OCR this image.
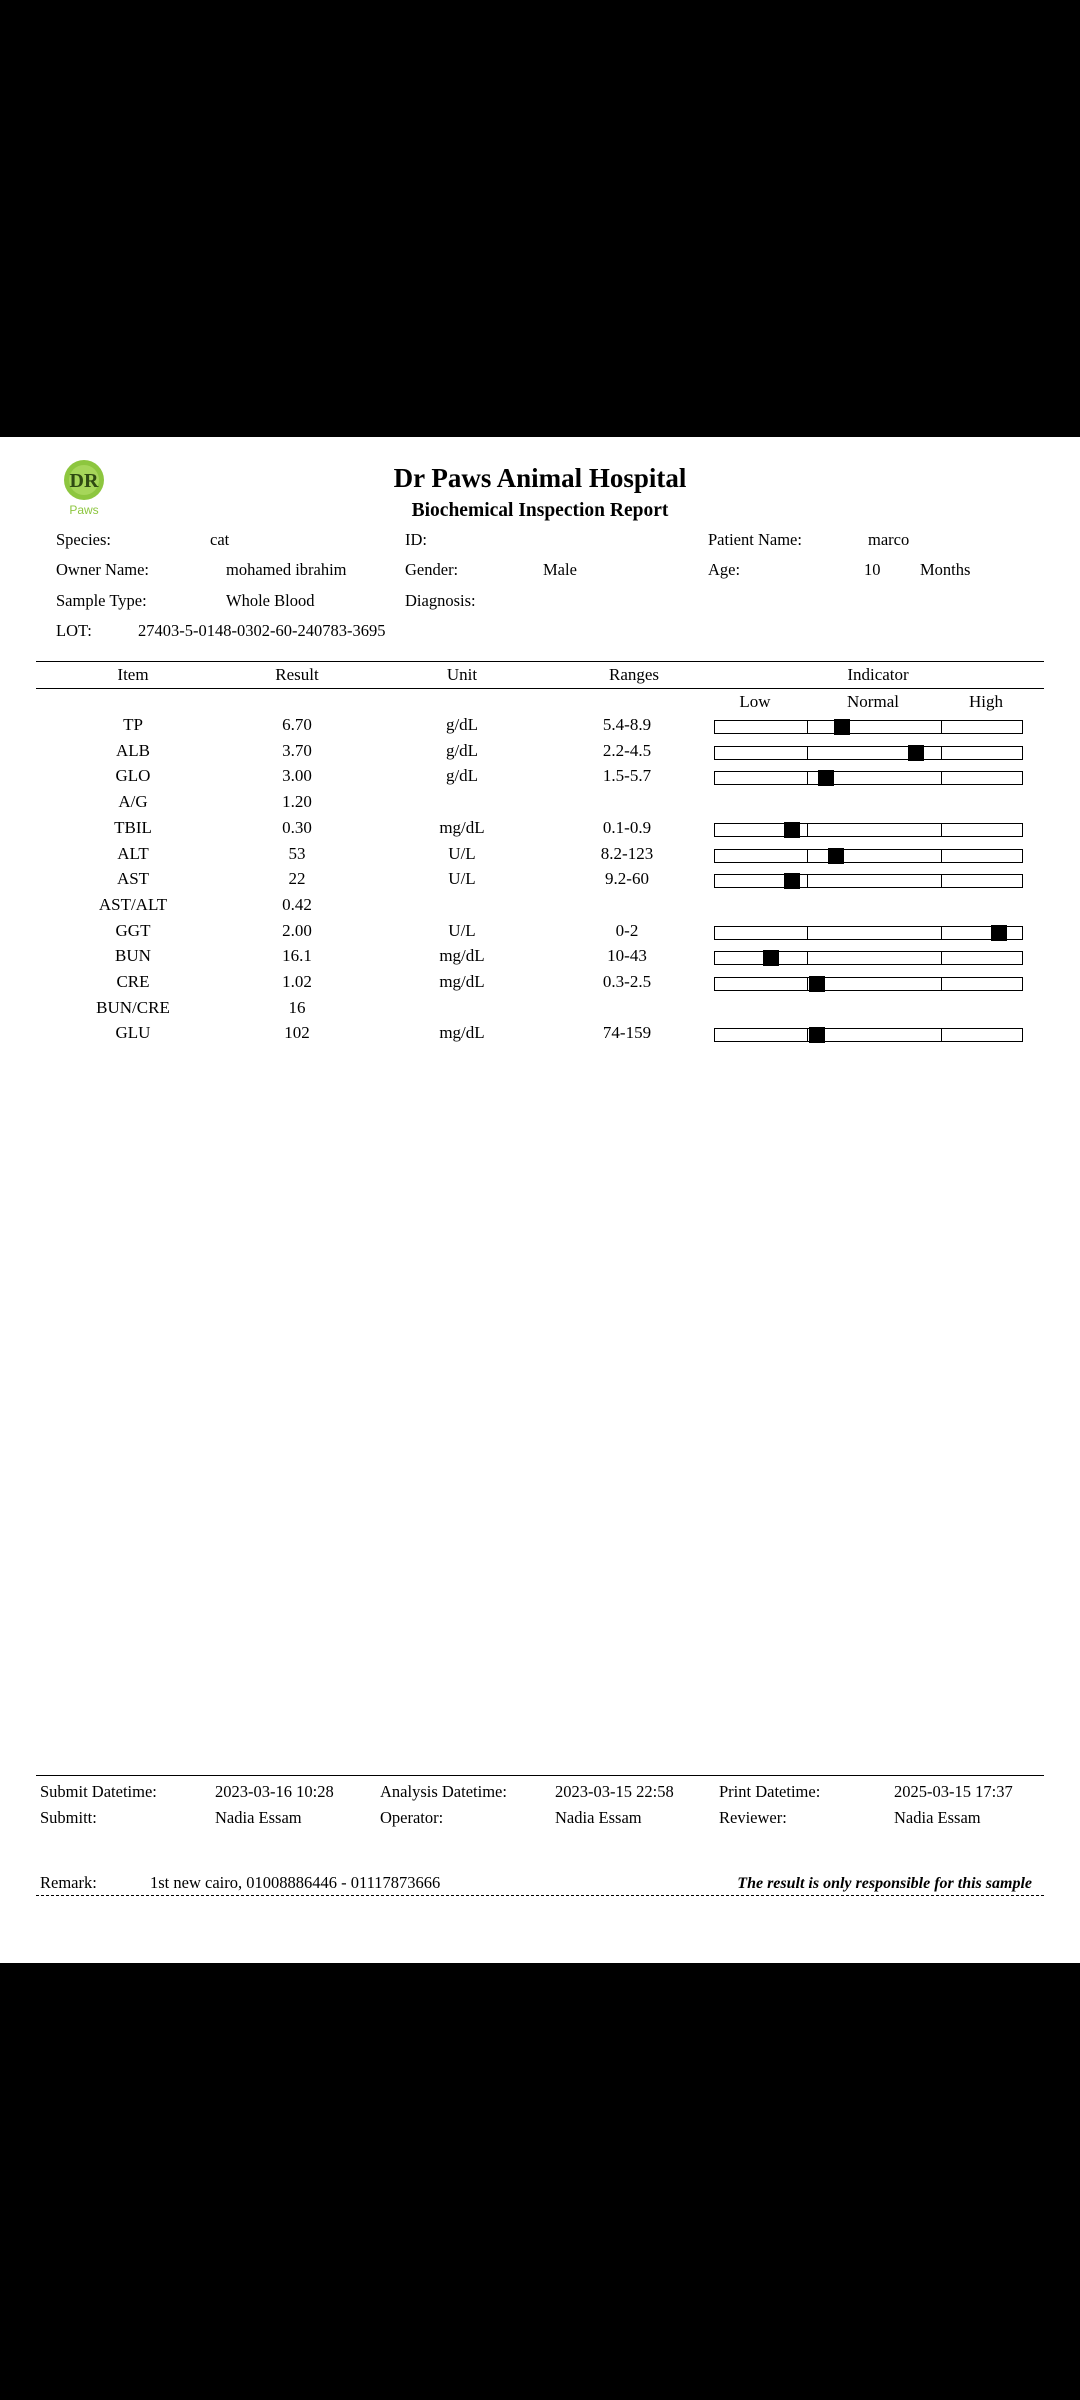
DR
Paws
Dr Paws Animal Hospital
Biochemical Inspection Report
Species:	cat	ID:	Patient Name:	marco
Owner Name:	mohamed ibrahim	Gender:	Male	Age:	10 Months
Sample Type:	Whole Blood	Diagnosis:
LOT:	27403-5-0148-0302-60-240783-3695
Item	Result	Unit	Ranges	Indicator
Low	Normal	High
TP	6.70	g/dL	5.4-8.9
ALB	3.70	g/dL	2.2-4.5
GLO	3.00	g/dL	1.5-5.7
A/G	1.20
TBIL	0.30	mg/dL	0.1-0.9
ALT	53	U/L	8.2-123
AST	22	U/L	9.2-60
AST/ALT	0.42
GGT	2.00	U/L	0-2
BUN	16.1	mg/dL	10-43
CRE	1.02	mg/dL	0.3-2.5
BUN/CRE	16
GLU	102	mg/dL	74-159
Submit Datetime:	2023-03-16 10:28	Analysis Datetime:	2023-03-15 22:58	Print Datetime:	2025-03-15 17:37
Submitt:	Nadia Essam	Operator:	Nadia Essam	Reviewer:	Nadia Essam
Remark:	1st new cairo, 01008886446 - 01117873666	The result is only responsible for this sample
